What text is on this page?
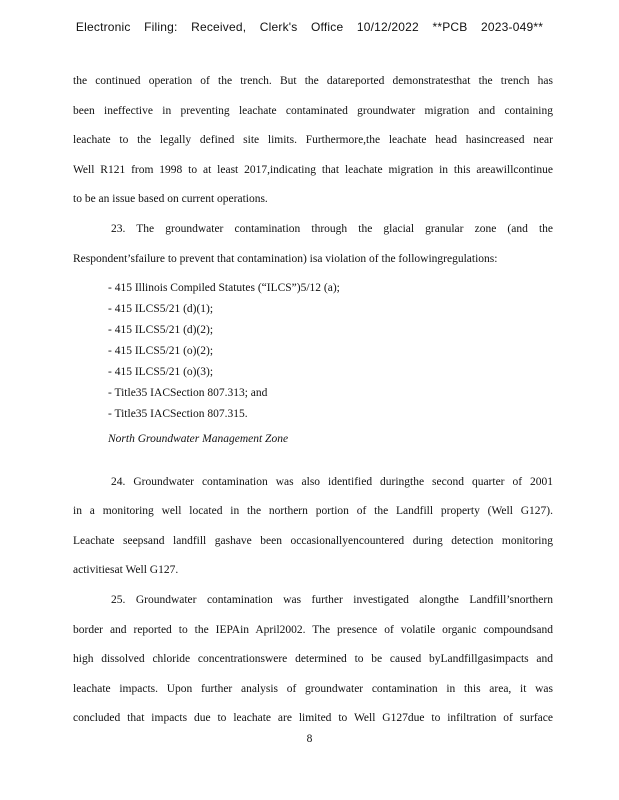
Electronic Filing: Received, Clerk's Office 10/12/2022 **PCB 2023-049**
the continued operation of the trench. But the datareported demonstratesthat the trench has
been ineffective in preventing leachate contaminated groundwater migration and containing
leachate to the legally defined site limits. Furthermore,the leachate head hasincreased near
Well R121 from 1998 to at least 2017,indicating that leachate migration in this areawillcontinue
to be an issue based on current operations.
23. The groundwater contamination through the glacial granular zone (and the
Respondent’sfailure to prevent that contamination) isa violation of the followingregulations:
- 415 Illinois Compiled Statutes (“ILCS”)5/12 (a);
- 415 ILCS5/21 (d)(1);
- 415 ILCS5/21 (d)(2);
- 415 ILCS5/21 (o)(2);
- 415 ILCS5/21 (o)(3);
- Title35 IACSection 807.313; and
- Title35 IACSection 807.315.
North Groundwater Management Zone
24. Groundwater contamination was also identified duringthe second quarter of 2001
in a monitoring well located in the northern portion of the Landfill property (Well G127).
Leachate seepsand landfill gashave been occasionallyencountered during detection monitoring
activitiesat Well G127.
25. Groundwater contamination was further investigated alongthe Landfill’snorthern
border and reported to the IEPAin April2002. The presence of volatile organic compoundsand
high dissolved chloride concentrationswere determined to be caused byLandfillgasimpacts and
leachate impacts. Upon further analysis of groundwater contamination in this area, it was
concluded that impacts due to leachate are limited to Well G127due to infiltration of surface
8
